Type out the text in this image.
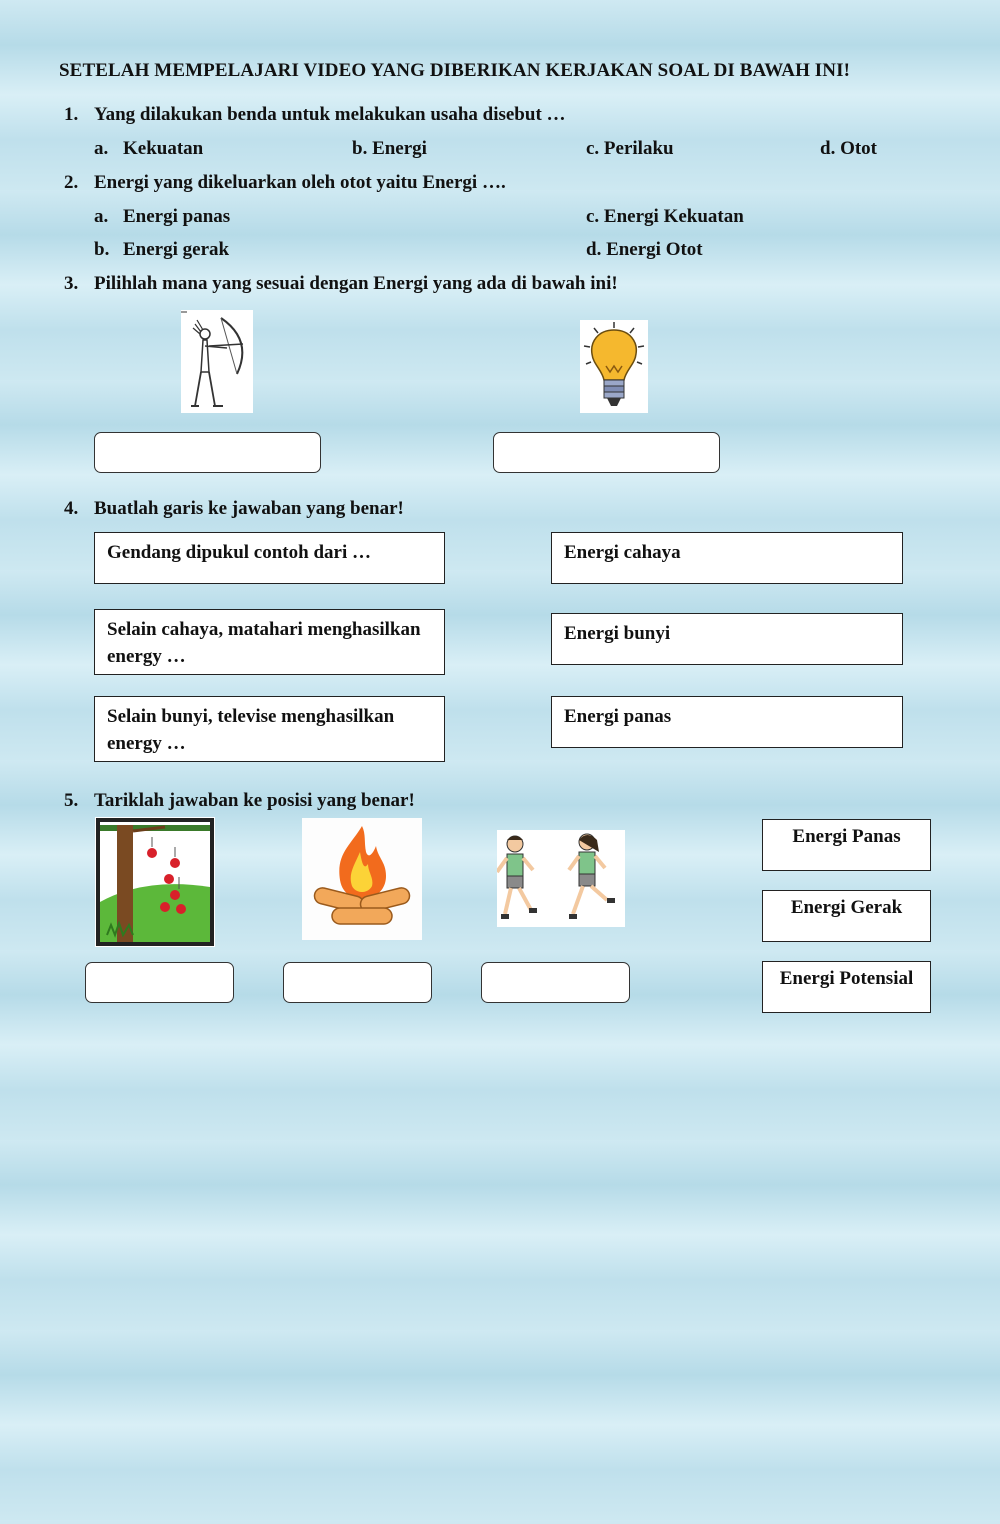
SETELAH MEMPELAJARI VIDEO YANG DIBERIKAN KERJAKAN SOAL DI BAWAH INI!
1. Yang dilakukan benda untuk melakukan usaha disebut …
a. Kekuatan	b. Energi	c. Perilaku	d. Otot
2. Energi yang dikeluarkan oleh otot yaitu Energi ….
a. Energi panas	c. Energi Kekuatan
b. Energi gerak	d. Energi Otot
3. Pilihlah mana yang sesuai dengan Energi yang ada di bawah ini!
4. Buatlah garis ke jawaban yang benar!
Gendang dipukul contoh dari …
Selain cahaya, matahari menghasilkan energy …
Selain bunyi, televise menghasilkan energy …
Energi cahaya
Energi bunyi
Energi panas
5. Tariklah jawaban ke posisi yang benar!
Energi Panas
Energi Gerak
Energi Potensial
